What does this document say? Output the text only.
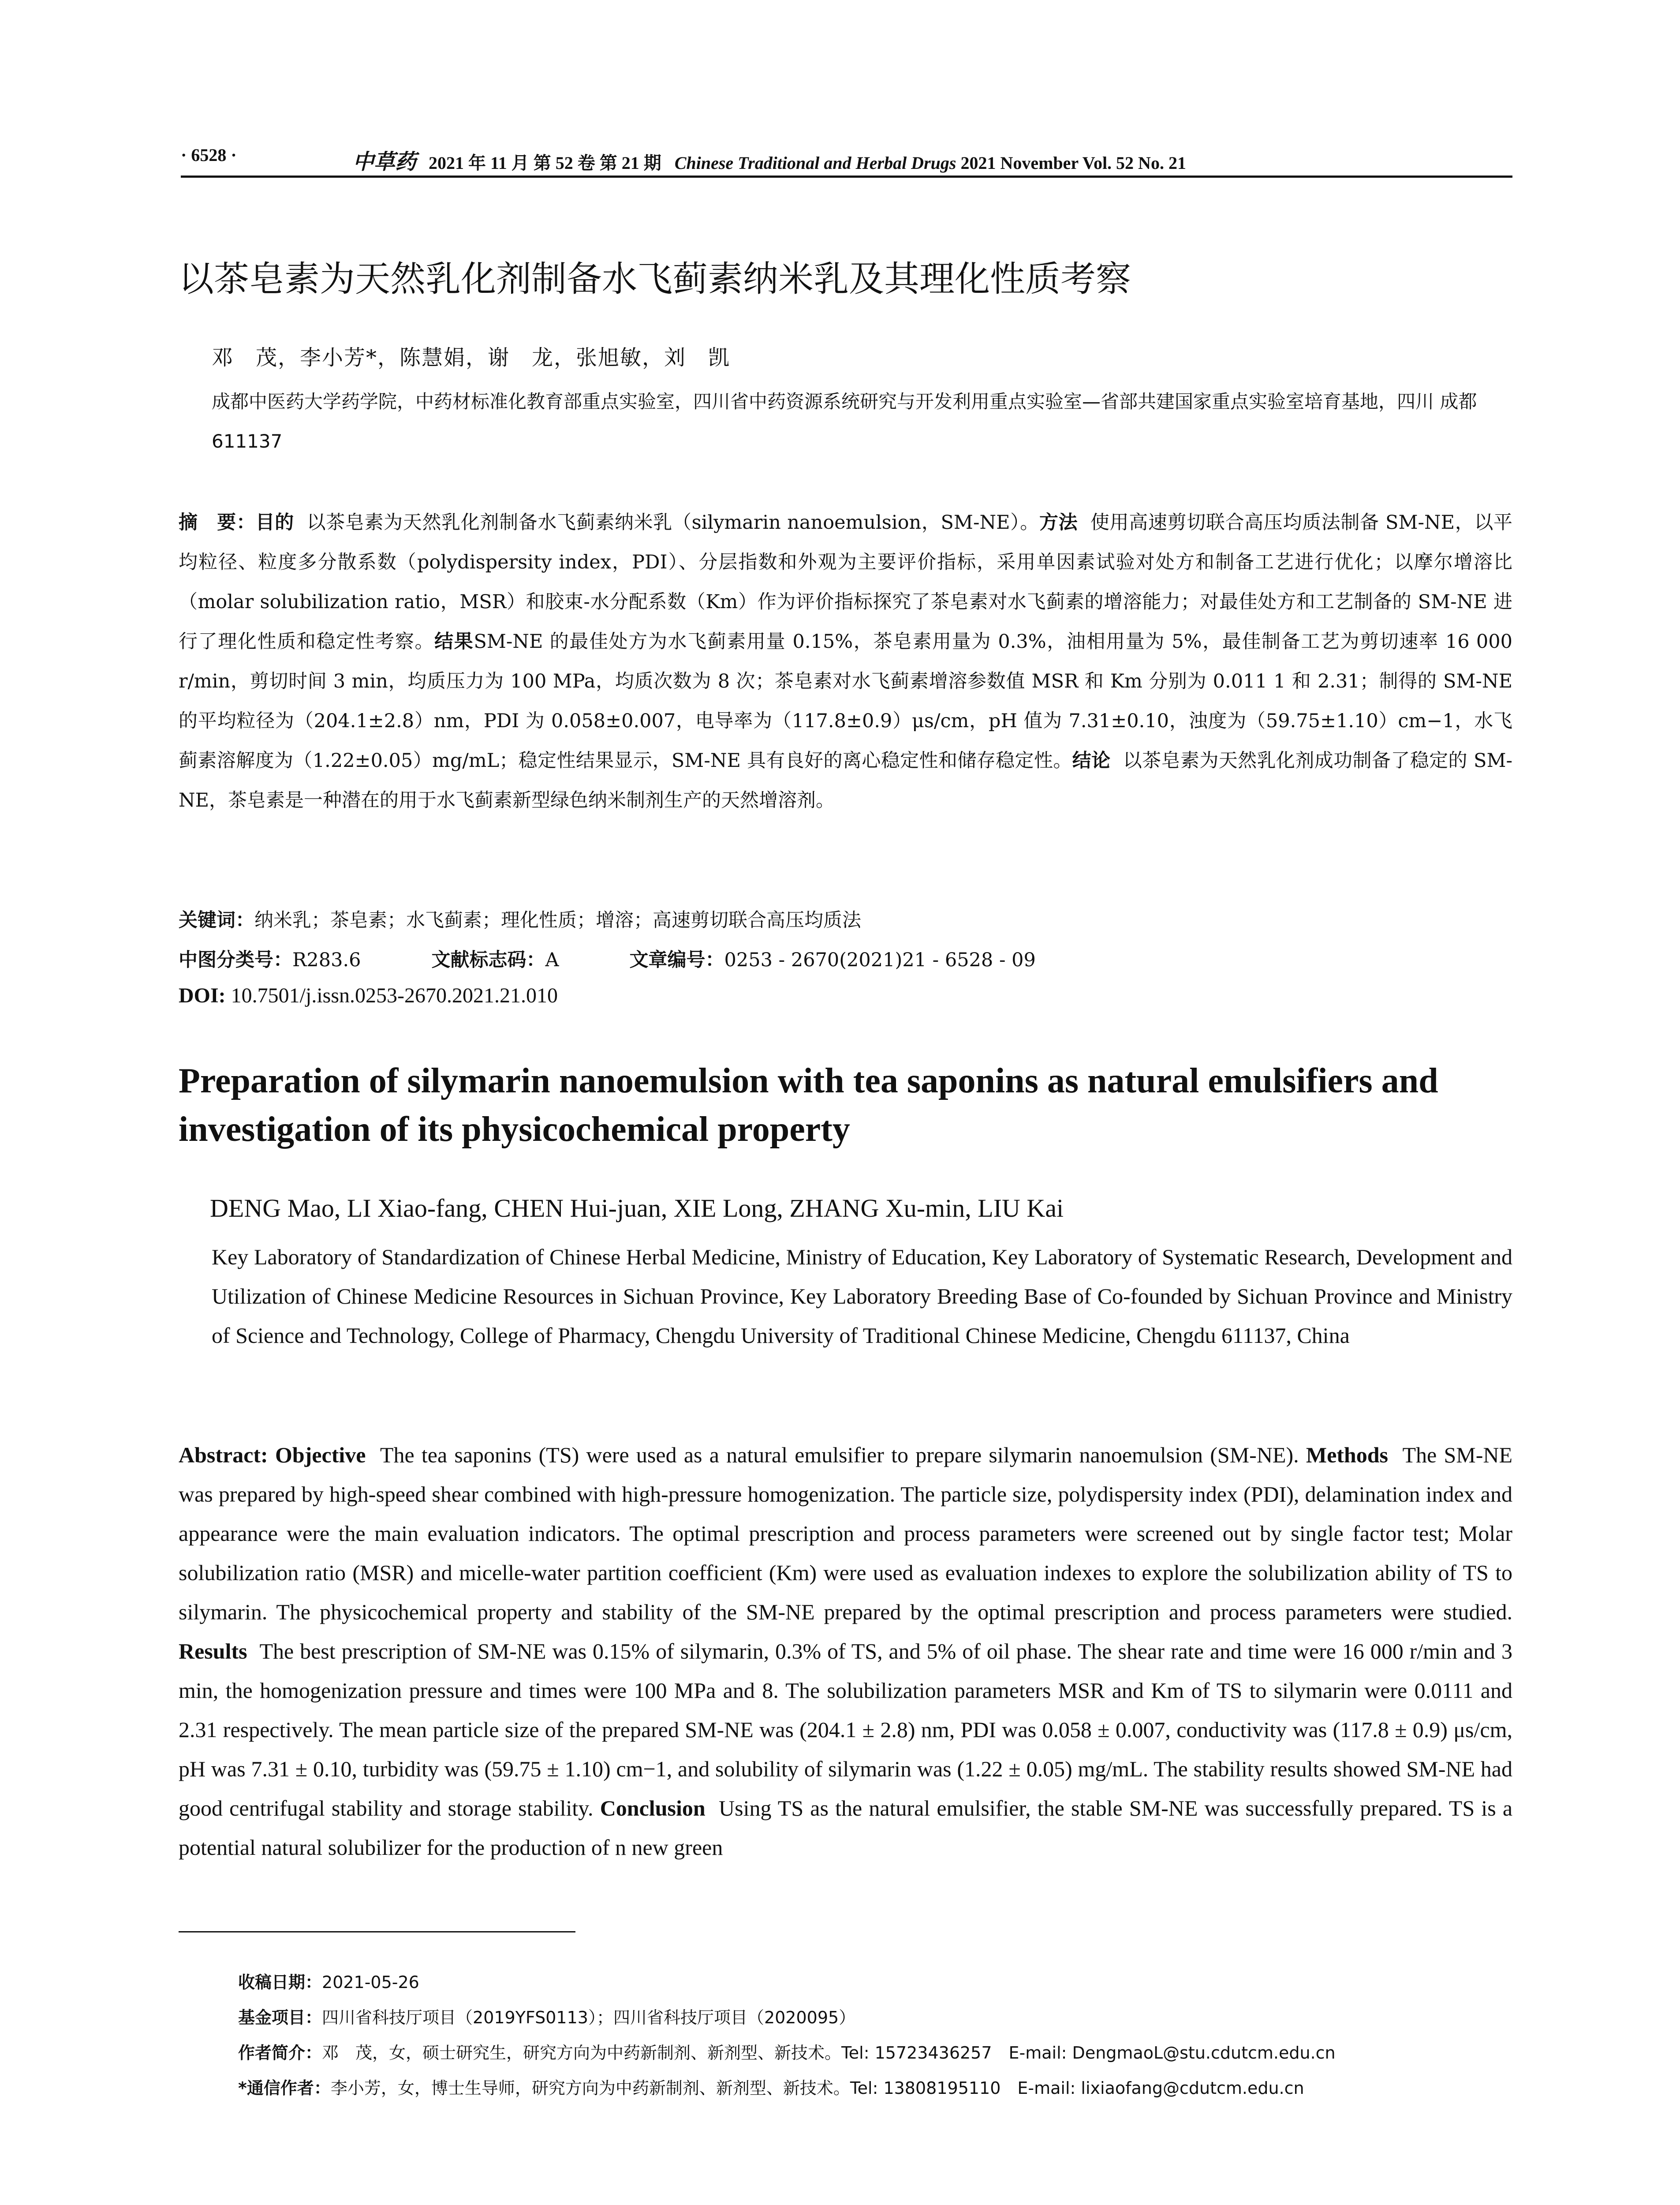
· 6528 ·	中草药 2021 年 11 月 第 52 卷 第 21 期 Chinese Traditional and Herbal Drugs 2021 November Vol. 52 No. 21
以茶皂素为天然乳化剂制备水飞蓟素纳米乳及其理化性质考察
邓　茂，李小芳*，陈慧娟，谢　龙，张旭敏，刘　凯
成都中医药大学药学院，中药材标准化教育部重点实验室，四川省中药资源系统研究与开发利用重点实验室—省部共建国家重点实验室培育基地，四川 成都　611137
摘　要：目的 以茶皂素为天然乳化剂制备水飞蓟素纳米乳（silymarin nanoemulsion，SM-NE）。方法 使用高速剪切联合高压均质法制备 SM-NE，以平均粒径、粒度多分散系数（polydispersity index，PDI）、分层指数和外观为主要评价指标，采用单因素试验对处方和制备工艺进行优化；以摩尔增溶比（molar solubilization ratio，MSR）和胶束-水分配系数（Km）作为评价指标探究了茶皂素对水飞蓟素的增溶能力；对最佳处方和工艺制备的 SM-NE 进行了理化性质和稳定性考察。结果SM-NE 的最佳处方为水飞蓟素用量 0.15%，茶皂素用量为 0.3%，油相用量为 5%，最佳制备工艺为剪切速率 16 000 r/min，剪切时间 3 min，均质压力为 100 MPa，均质次数为 8 次；茶皂素对水飞蓟素增溶参数值 MSR 和 Km 分别为 0.011 1 和 2.31；制得的 SM-NE 的平均粒径为（204.1±2.8）nm，PDI 为 0.058±0.007，电导率为（117.8±0.9）μs/cm，pH 值为 7.31±0.10，浊度为（59.75±1.10）cm−1，水飞蓟素溶解度为（1.22±0.05）mg/mL；稳定性结果显示，SM-NE 具有良好的离心稳定性和储存稳定性。结论 以茶皂素为天然乳化剂成功制备了稳定的 SM-NE，茶皂素是一种潜在的用于水飞蓟素新型绿色纳米制剂生产的天然增溶剂。
关键词：纳米乳；茶皂素；水飞蓟素；理化性质；增溶；高速剪切联合高压均质法
中图分类号：R283.6	文献标志码：A	文章编号：0253 - 2670(2021)21 - 6528 - 09
DOI: 10.7501/j.issn.0253-2670.2021.21.010
Preparation of silymarin nanoemulsion with tea saponins as natural emulsifiers and investigation of its physicochemical property
DENG Mao, LI Xiao-fang, CHEN Hui-juan, XIE Long, ZHANG Xu-min, LIU Kai
Key Laboratory of Standardization of Chinese Herbal Medicine, Ministry of Education, Key Laboratory of Systematic Research, Development and Utilization of Chinese Medicine Resources in Sichuan Province, Key Laboratory Breeding Base of Co-founded by Sichuan Province and Ministry of Science and Technology, College of Pharmacy, Chengdu University of Traditional Chinese Medicine, Chengdu 611137, China
Abstract: Objective The tea saponins (TS) were used as a natural emulsifier to prepare silymarin nanoemulsion (SM-NE). Methods The SM-NE was prepared by high-speed shear combined with high-pressure homogenization. The particle size, polydispersity index (PDI), delamination index and appearance were the main evaluation indicators. The optimal prescription and process parameters were screened out by single factor test; Molar solubilization ratio (MSR) and micelle-water partition coefficient (Km) were used as evaluation indexes to explore the solubilization ability of TS to silymarin. The physicochemical property and stability of the SM-NE prepared by the optimal prescription and process parameters were studied. Results The best prescription of SM-NE was 0.15% of silymarin, 0.3% of TS, and 5% of oil phase. The shear rate and time were 16 000 r/min and 3 min, the homogenization pressure and times were 100 MPa and 8. The solubilization parameters MSR and Km of TS to silymarin were 0.0111 and 2.31 respectively. The mean particle size of the prepared SM-NE was (204.1 ± 2.8) nm, PDI was 0.058 ± 0.007, conductivity was (117.8 ± 0.9) μs/cm, pH was 7.31 ± 0.10, turbidity was (59.75 ± 1.10) cm−1, and solubility of silymarin was (1.22 ± 0.05) mg/mL. The stability results showed SM-NE had good centrifugal stability and storage stability. Conclusion Using TS as the natural emulsifier, the stable SM-NE was successfully prepared. TS is a potential natural solubilizer for the production of n new green
收稿日期：2021-05-26
基金项目：四川省科技厅项目（2019YFS0113）；四川省科技厅项目（2020095）
作者简介：邓　茂，女，硕士研究生，研究方向为中药新制剂、新剂型、新技术。Tel: 15723436257　E-mail: DengmaoL@stu.cdutcm.edu.cn
*通信作者：李小芳，女，博士生导师，研究方向为中药新制剂、新剂型、新技术。Tel: 13808195110　E-mail: lixiaofang@cdutcm.edu.cn
